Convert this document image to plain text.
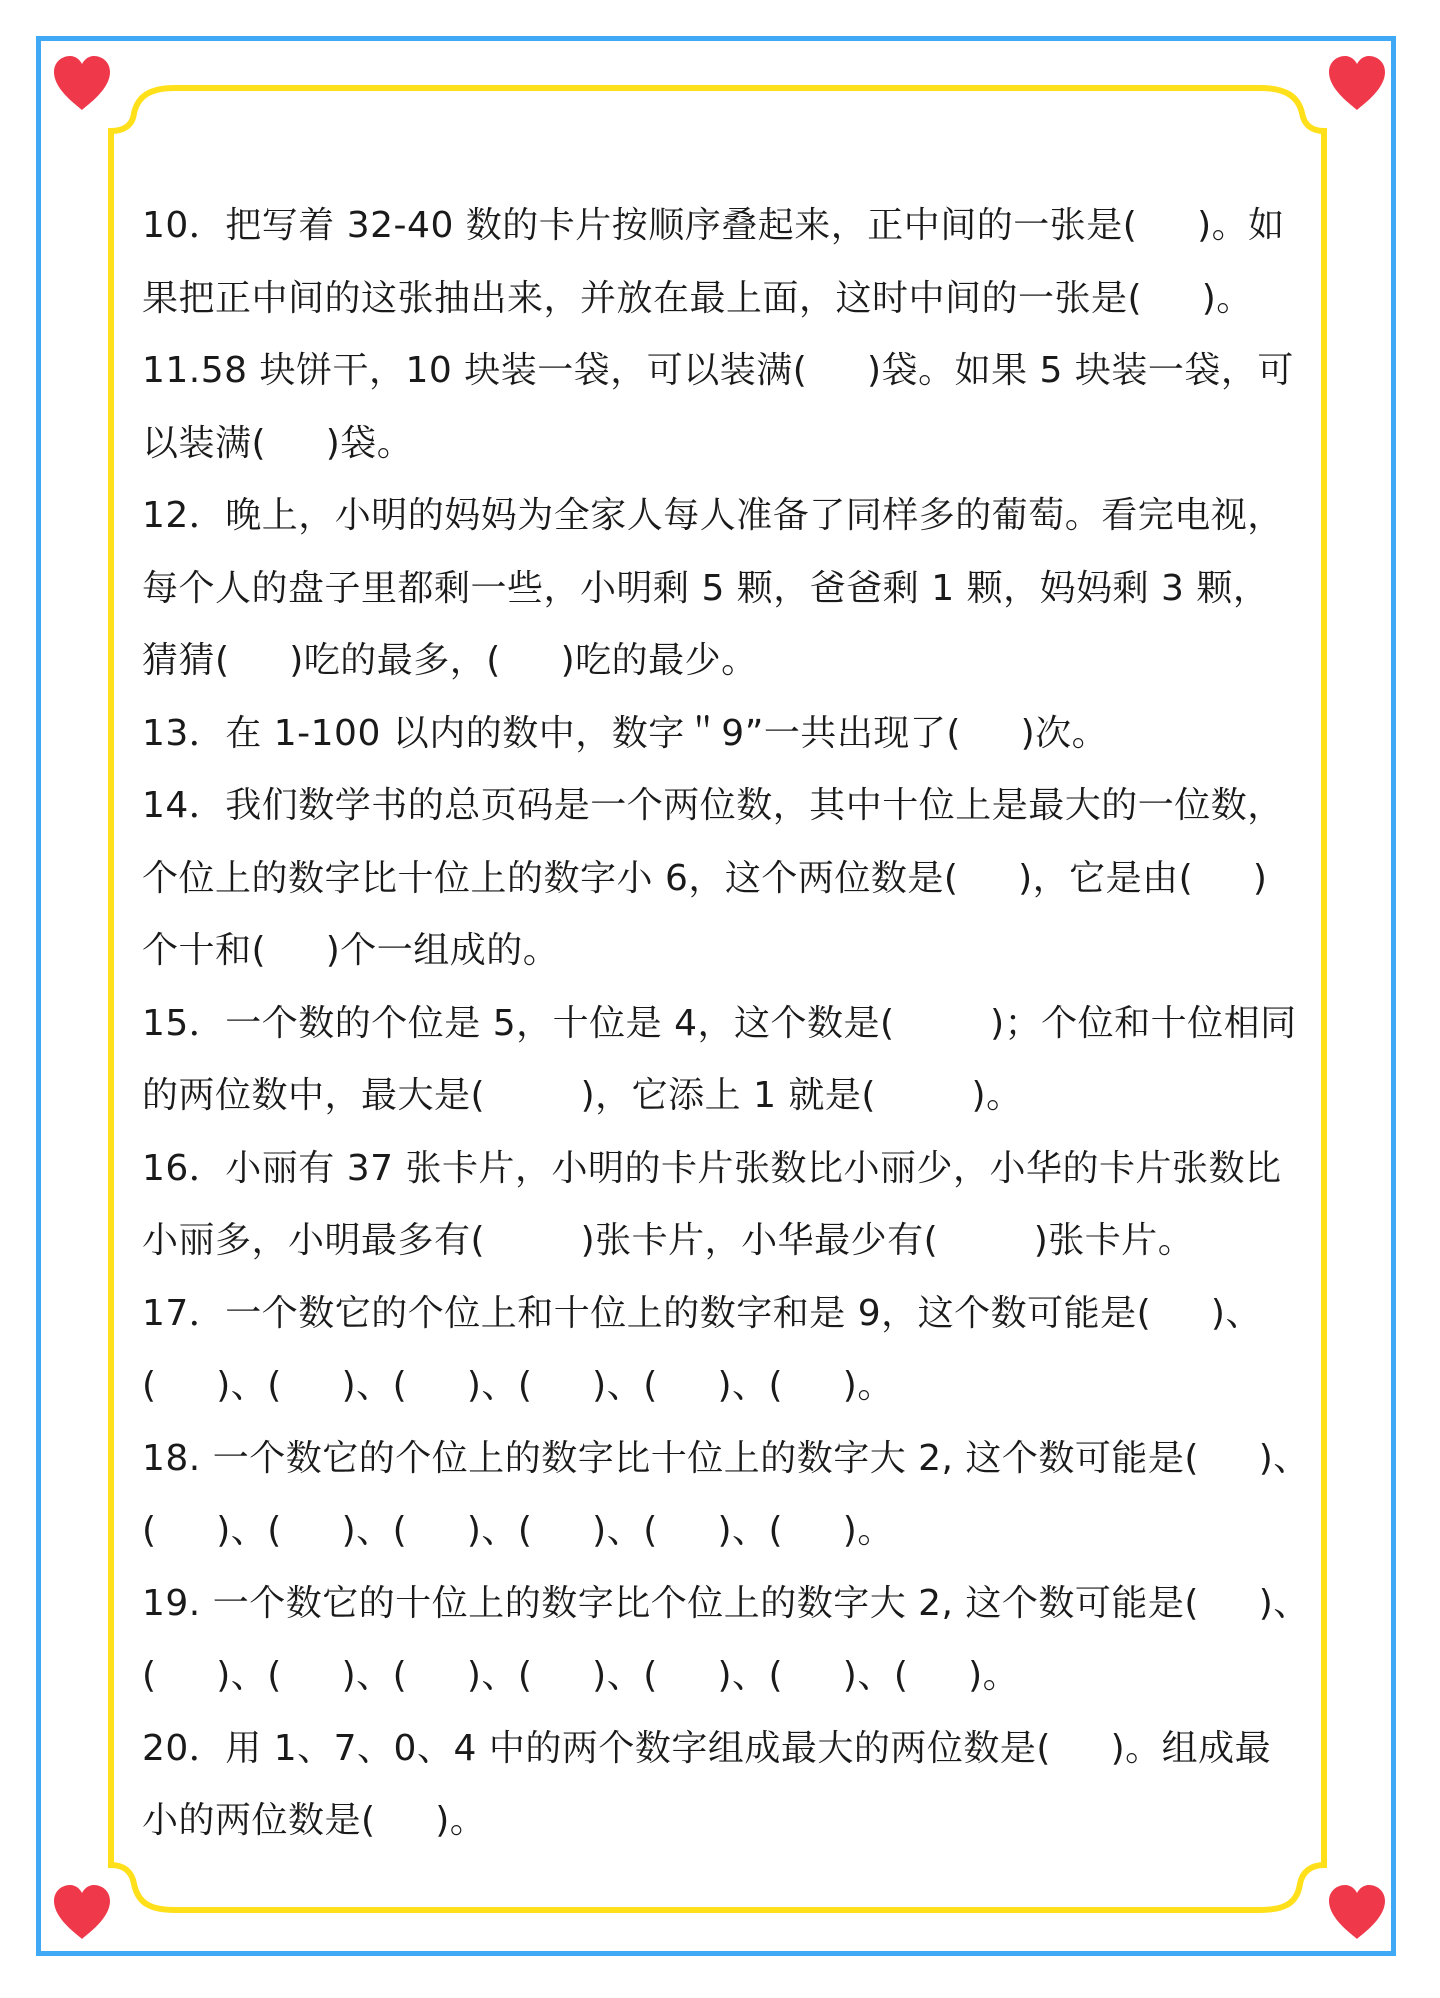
10．把写着 32-40 数的卡片按顺序叠起来，正中间的一张是(     )。如
果把正中间的这张抽出来，并放在最上面，这时中间的一张是(     )。
11.58 块饼干，10 块装一袋，可以装满(     )袋。如果 5 块装一袋，可
以装满(     )袋。
12．晚上，小明的妈妈为全家人每人准备了同样多的葡萄。看完电视，
每个人的盘子里都剩一些，小明剩 5 颗，爸爸剩 1 颗，妈妈剩 3 颗，
猜猜(     )吃的最多，(     )吃的最少。
13．在 1-100 以内的数中，数字＂9”一共出现了(     )次。
14．我们数学书的总页码是一个两位数，其中十位上是最大的一位数，
个位上的数字比十位上的数字小 6，这个两位数是(     )，它是由(     )
个十和(     )个一组成的。
15．一个数的个位是 5，十位是 4，这个数是(        )；个位和十位相同
的两位数中，最大是(        )，它添上 1 就是(        )。
16．小丽有 37 张卡片，小明的卡片张数比小丽少，小华的卡片张数比
小丽多，小明最多有(        )张卡片，小华最少有(        )张卡片。
17．一个数它的个位上和十位上的数字和是 9，这个数可能是(     )、
(     )、(     )、(     )、(     )、(     )、(     )。
18. 一个数它的个位上的数字比十位上的数字大 2, 这个数可能是(     )、
(     )、(     )、(     )、(     )、(     )、(     )。
19. 一个数它的十位上的数字比个位上的数字大 2, 这个数可能是(     )、
(     )、(     )、(     )、(     )、(     )、(     )、(     )。
20．用 1、7、0、4 中的两个数字组成最大的两位数是(     )。组成最
小的两位数是(     )。
